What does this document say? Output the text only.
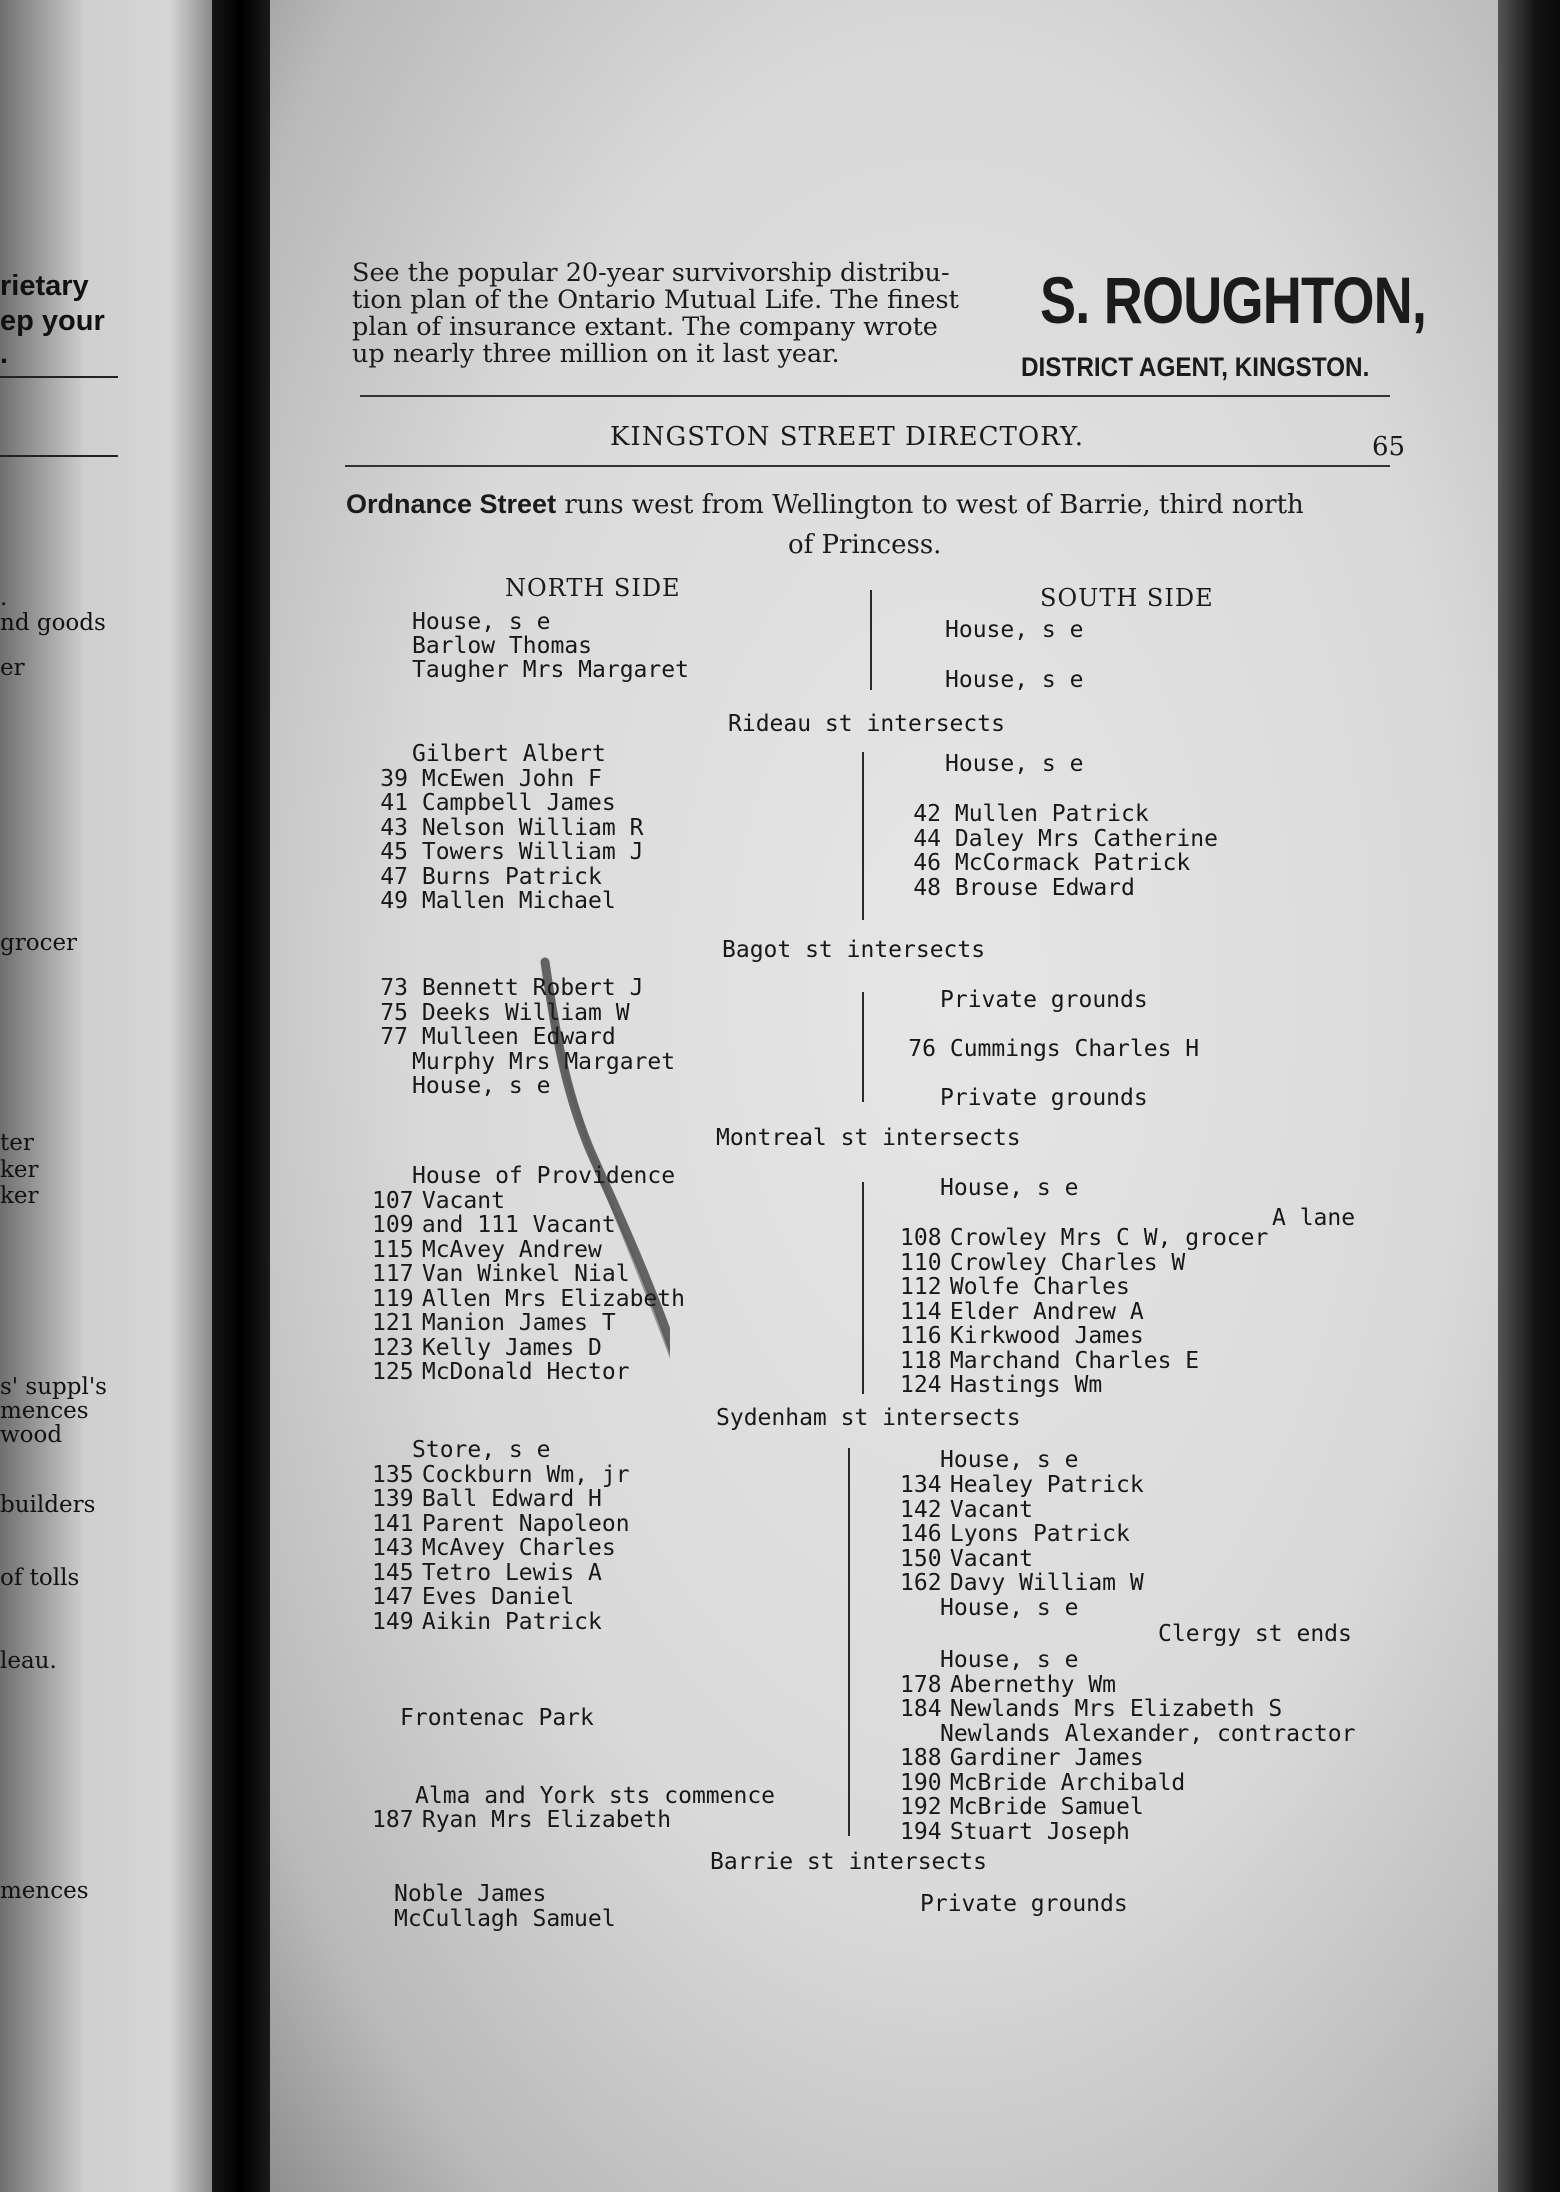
rietary
ep your
.
.
nd goods
er
grocer
ter
ker
ker
s' suppl's
mences
wood
builders
of tolls
leau.
mences
See the popular 20-year survivorship distribu-
tion plan of the Ontario Mutual Life. The finest
plan of insurance extant. The company wrote
up nearly three million on it last year.
S. ROUGHTON,
DISTRICT AGENT, KINGSTON.
KINGSTON STREET DIRECTORY.	65
Ordnance Street runs west from Wellington to west of Barrie, third north
of Princess.
NORTH SIDE	SOUTH SIDE
House, s e
Barlow Thomas
Taugher Mrs Margaret
House, s e
House, s e
Rideau st intersects
Gilbert Albert
39 McEwen John F
41 Campbell James
43 Nelson William R
45 Towers William J
47 Burns Patrick
49 Mallen Michael
House, s e
42 Mullen Patrick
44 Daley Mrs Catherine
46 McCormack Patrick
48 Brouse Edward
Bagot st intersects
73 Bennett Robert J
75 Deeks William W
77 Mulleen Edward
Murphy Mrs Margaret
House, s e
Private grounds
76 Cummings Charles H
Private grounds
Montreal st intersects
House of Providence
107 Vacant
109 and 111 Vacant
115 McAvey Andrew
117 Van Winkel Nial
119 Allen Mrs Elizabeth
121 Manion James T
123 Kelly James D
125 McDonald Hector
House, s e
108 Crowley Mrs C W, grocer
110 Crowley Charles W
112 Wolfe Charles
114 Elder Andrew A
116 Kirkwood James
118 Marchand Charles E
124 Hastings Wm
A lane
Sydenham st intersects
Store, s e
135 Cockburn Wm, jr
139 Ball Edward H
141 Parent Napoleon
143 McAvey Charles
145 Tetro Lewis A
147 Eves Daniel
149 Aikin Patrick
Frontenac Park
Alma and York sts commence
187 Ryan Mrs Elizabeth
House, s e
134 Healey Patrick
142 Vacant
146 Lyons Patrick
150 Vacant
162 Davy William W
House, s e
Clergy st ends
House, s e
178 Abernethy Wm
184 Newlands Mrs Elizabeth S
Newlands Alexander, contractor
188 Gardiner James
190 McBride Archibald
192 McBride Samuel
194 Stuart Joseph
Barrie st intersects
Noble James
McCullagh Samuel
Private grounds
